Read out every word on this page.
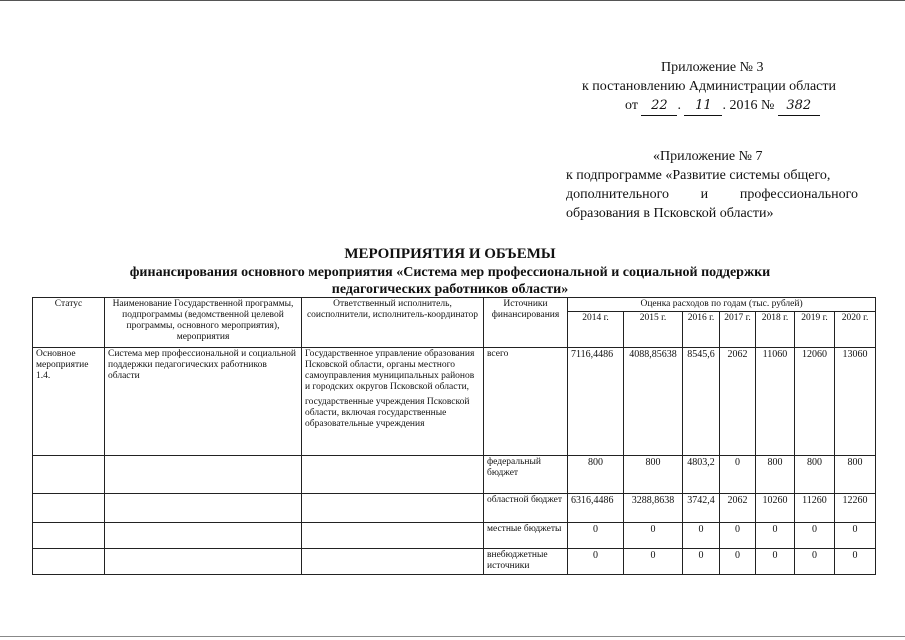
Приложение № 3
к постановлению Администрации области
от 22 . 11 . 2016 № 382
«Приложение № 7
к подпрограмме «Развитие системы общего,
дополнительного и профессионального
образования в Псковской области»
МЕРОПРИЯТИЯ И ОБЪЕМЫ
финансирования основного мероприятия «Система мер профессиональной и социальной поддержки
педагогических работников области»
Статус	Наименование Государственной программы, подпрограммы (ведомственной целевой программы, основного мероприятия), мероприятия	Ответственный исполнитель, соисполнители, исполнитель-координатор	Источники финансирования	Оценка расходов по годам (тыс. рублей)						
				2014 г.	2015 г.	2016 г.	2017 г.	2018 г.	2019 г.	2020 г.
Основное мероприятие 1.4.	Система мер профессиональной и социальной поддержки педагогических работников области	Государственное управление образования Псковской области, органы местного самоуправления муниципальных районов и городских округов Псковской области,
государственные учреждения Псковской области, включая государственные образовательные учреждения	всего	7116,4486	4088,85638	8545,6	2062	11060	12060	13060
			федеральный бюджет	800	800	4803,2	0	800	800	800
			областной бюджет	6316,4486	3288,8638	3742,4	2062	10260	11260	12260
			местные бюджеты	0	0	0	0	0	0	0
			внебюджетные источники	0	0	0	0	0	0	0
